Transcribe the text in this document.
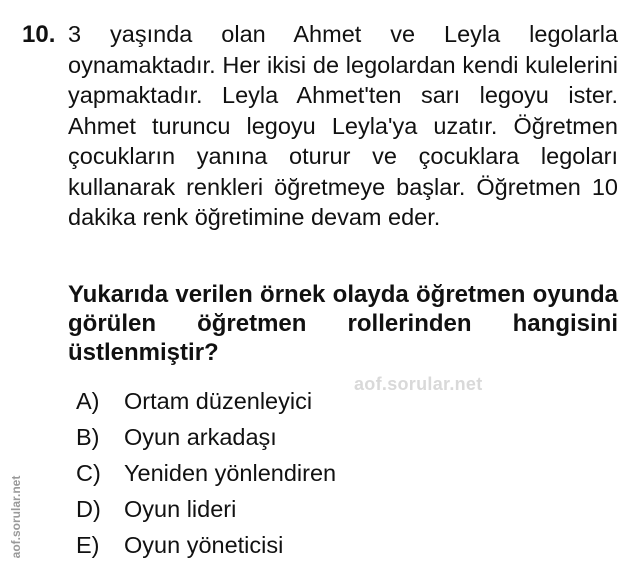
10. 3 yaşında olan Ahmet ve Leyla legolarla oynamaktadır. Her ikisi de legolardan kendi kulelerini yapmaktadır. Leyla Ahmet'ten sarı legoyu ister. Ahmet turuncu legoyu Leyla'ya uzatır. Öğretmen çocukların yanına oturur ve çocuklara legoları kullanarak renkleri öğretmeye başlar. Öğretmen 10 dakika renk öğretimine devam eder.
Yukarıda verilen örnek olayda öğretmen oyunda görülen öğretmen rollerinden hangisini üstlenmiştir?
aof.sorular.net
A)	Ortam düzenleyici
B)	Oyun arkadaşı
C) Yeniden yönlendiren
D) Oyun lideri
E)	Oyun yöneticisi
aof.sorular.net
